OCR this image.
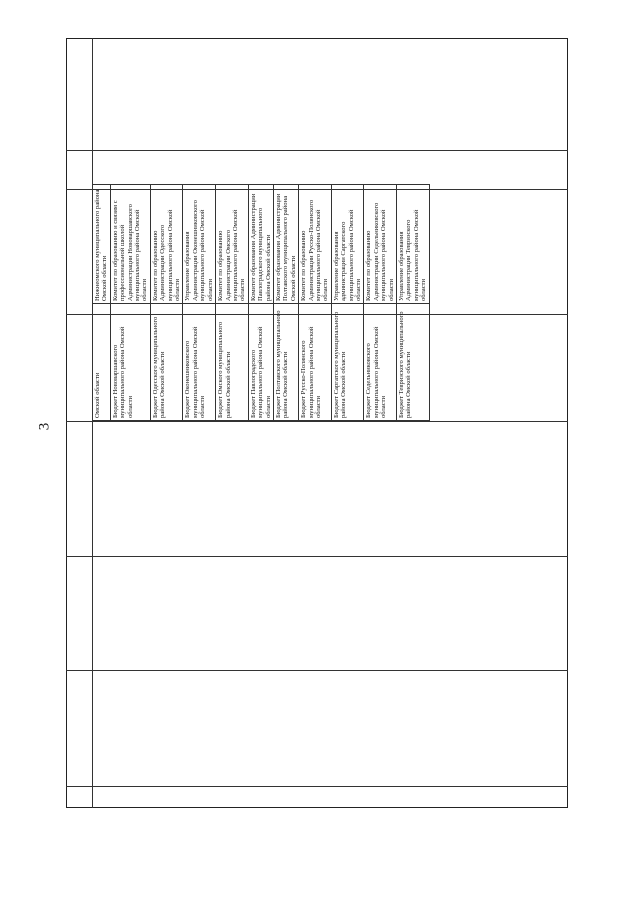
3
Омской области	Нижнеомского муниципального района Омской области
Бюджет Нововаршавского муниципального района Омской области	Комитет по образованию и связям с профессиональной школой Администрации Нововаршавского муниципального района Омской области
Бюджет Одесского муниципального района Омской области	Комитет по образованию Администрации Одесского муниципального района Омской области
Бюджет Оконешниковского муниципального района Омской области	Управление образования Администрации Оконешниковского муниципального района Омской области
Бюджет Омского муниципального района Омской области	Комитет по образованию Администрации Омского муниципального района Омской области
Бюджет Павлоградского муниципального района Омской области	Комитет образования Администрации Павлоградского муниципального района Омской области
Бюджет Полтавского муниципального района Омской области	Комитет образования Администрации Полтавского муниципального района Омской области
Бюджет Русско-Полянского муниципального района Омской области	Комитет по образованию Администрации Русско-Полянского муниципального района Омской области
Бюджет Саргатского муниципального района Омской области	Управление образования администрации Саргатского муниципального района Омской области
Бюджет Седельниковского муниципального района Омской области	Комитет по образованию Администрации Седельниковского муниципального района Омской области
Бюджет Тевризского муниципального района Омской области	Управление образования Администрации Тевризского муниципального района Омской области
